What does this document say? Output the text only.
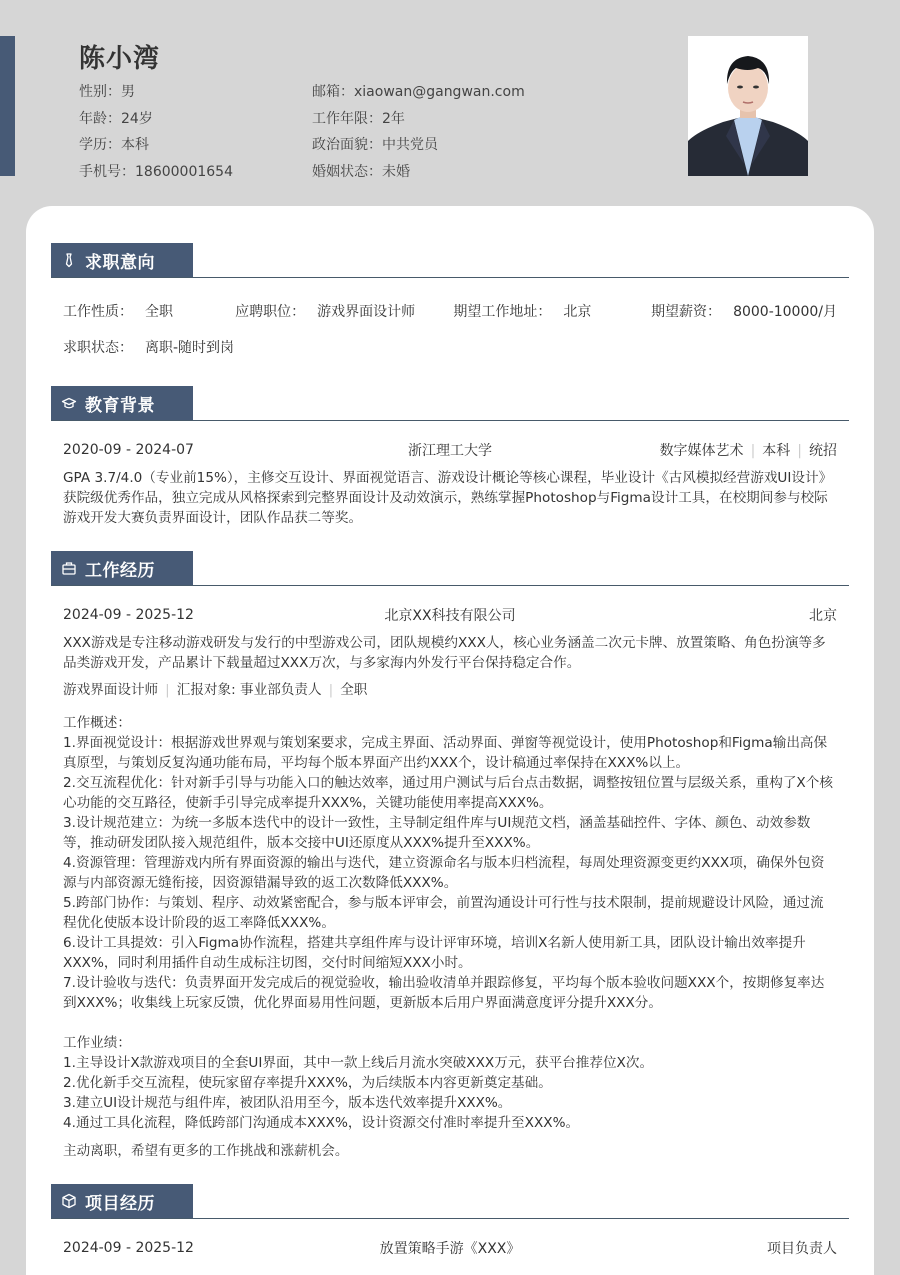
陈小湾
性别：男
年龄：24岁
学历：本科
手机号：18600001654
邮箱：xiaowan@gangwan.com
工作年限：2年
政治面貌：中共党员
婚姻状态：未婚
求职意向
工作性质： 全职	应聘职位： 游戏界面设计师	期望工作地址： 北京	期望薪资： 8000-10000/月
求职状态： 离职-随时到岗
教育背景
2020-09 - 2024-07	浙江理工大学	数字媒体艺术 | 本科 | 统招
GPA 3.7/4.0（专业前15%），主修交互设计、界面视觉语言、游戏设计概论等核心课程，毕业设计《古风模拟经营游戏UI设计》获院级优秀作品，独立完成从风格探索到完整界面设计及动效演示，熟练掌握Photoshop与Figma设计工具，在校期间参与校际游戏开发大赛负责界面设计，团队作品获二等奖。
工作经历
2024-09 - 2025-12	北京XX科技有限公司	北京
XXX游戏是专注移动游戏研发与发行的中型游戏公司，团队规模约XXX人，核心业务涵盖二次元卡牌、放置策略、角色扮演等多品类游戏开发，产品累计下载量超过XXX万次，与多家海内外发行平台保持稳定合作。
游戏界面设计师 | 汇报对象: 事业部负责人 | 全职
工作概述：
1.界面视觉设计：根据游戏世界观与策划案要求，完成主界面、活动界面、弹窗等视觉设计，使用Photoshop和Figma输出高保真原型，与策划反复沟通功能布局，平均每个版本界面产出约XXX个，设计稿通过率保持在XXX%以上。
2.交互流程优化：针对新手引导与功能入口的触达效率，通过用户测试与后台点击数据，调整按钮位置与层级关系，重构了X个核心功能的交互路径，使新手引导完成率提升XXX%，关键功能使用率提高XXX%。
3.设计规范建立：为统一多版本迭代中的设计一致性，主导制定组件库与UI规范文档，涵盖基础控件、字体、颜色、动效参数等，推动研发团队接入规范组件，版本交接中UI还原度从XXX%提升至XXX%。
4.资源管理：管理游戏内所有界面资源的输出与迭代，建立资源命名与版本归档流程，每周处理资源变更约XXX项，确保外包资源与内部资源无缝衔接，因资源错漏导致的返工次数降低XXX%。
5.跨部门协作：与策划、程序、动效紧密配合，参与版本评审会，前置沟通设计可行性与技术限制，提前规避设计风险，通过流程优化使版本设计阶段的返工率降低XXX%。
6.设计工具提效：引入Figma协作流程，搭建共享组件库与设计评审环境，培训X名新人使用新工具，团队设计输出效率提升XXX%，同时利用插件自动生成标注切图，交付时间缩短XXX小时。
7.设计验收与迭代：负责界面开发完成后的视觉验收，输出验收清单并跟踪修复，平均每个版本验收问题XXX个，按期修复率达到XXX%；收集线上玩家反馈，优化界面易用性问题，更新版本后用户界面满意度评分提升XXX分。
工作业绩：
1.主导设计X款游戏项目的全套UI界面，其中一款上线后月流水突破XXX万元，获平台推荐位X次。
2.优化新手交互流程，使玩家留存率提升XXX%，为后续版本内容更新奠定基础。
3.建立UI设计规范与组件库，被团队沿用至今，版本迭代效率提升XXX%。
4.通过工具化流程，降低跨部门沟通成本XXX%，设计资源交付准时率提升至XXX%。
主动离职，希望有更多的工作挑战和涨薪机会。
项目经历
2024-09 - 2025-12	放置策略手游《XXX》	项目负责人
